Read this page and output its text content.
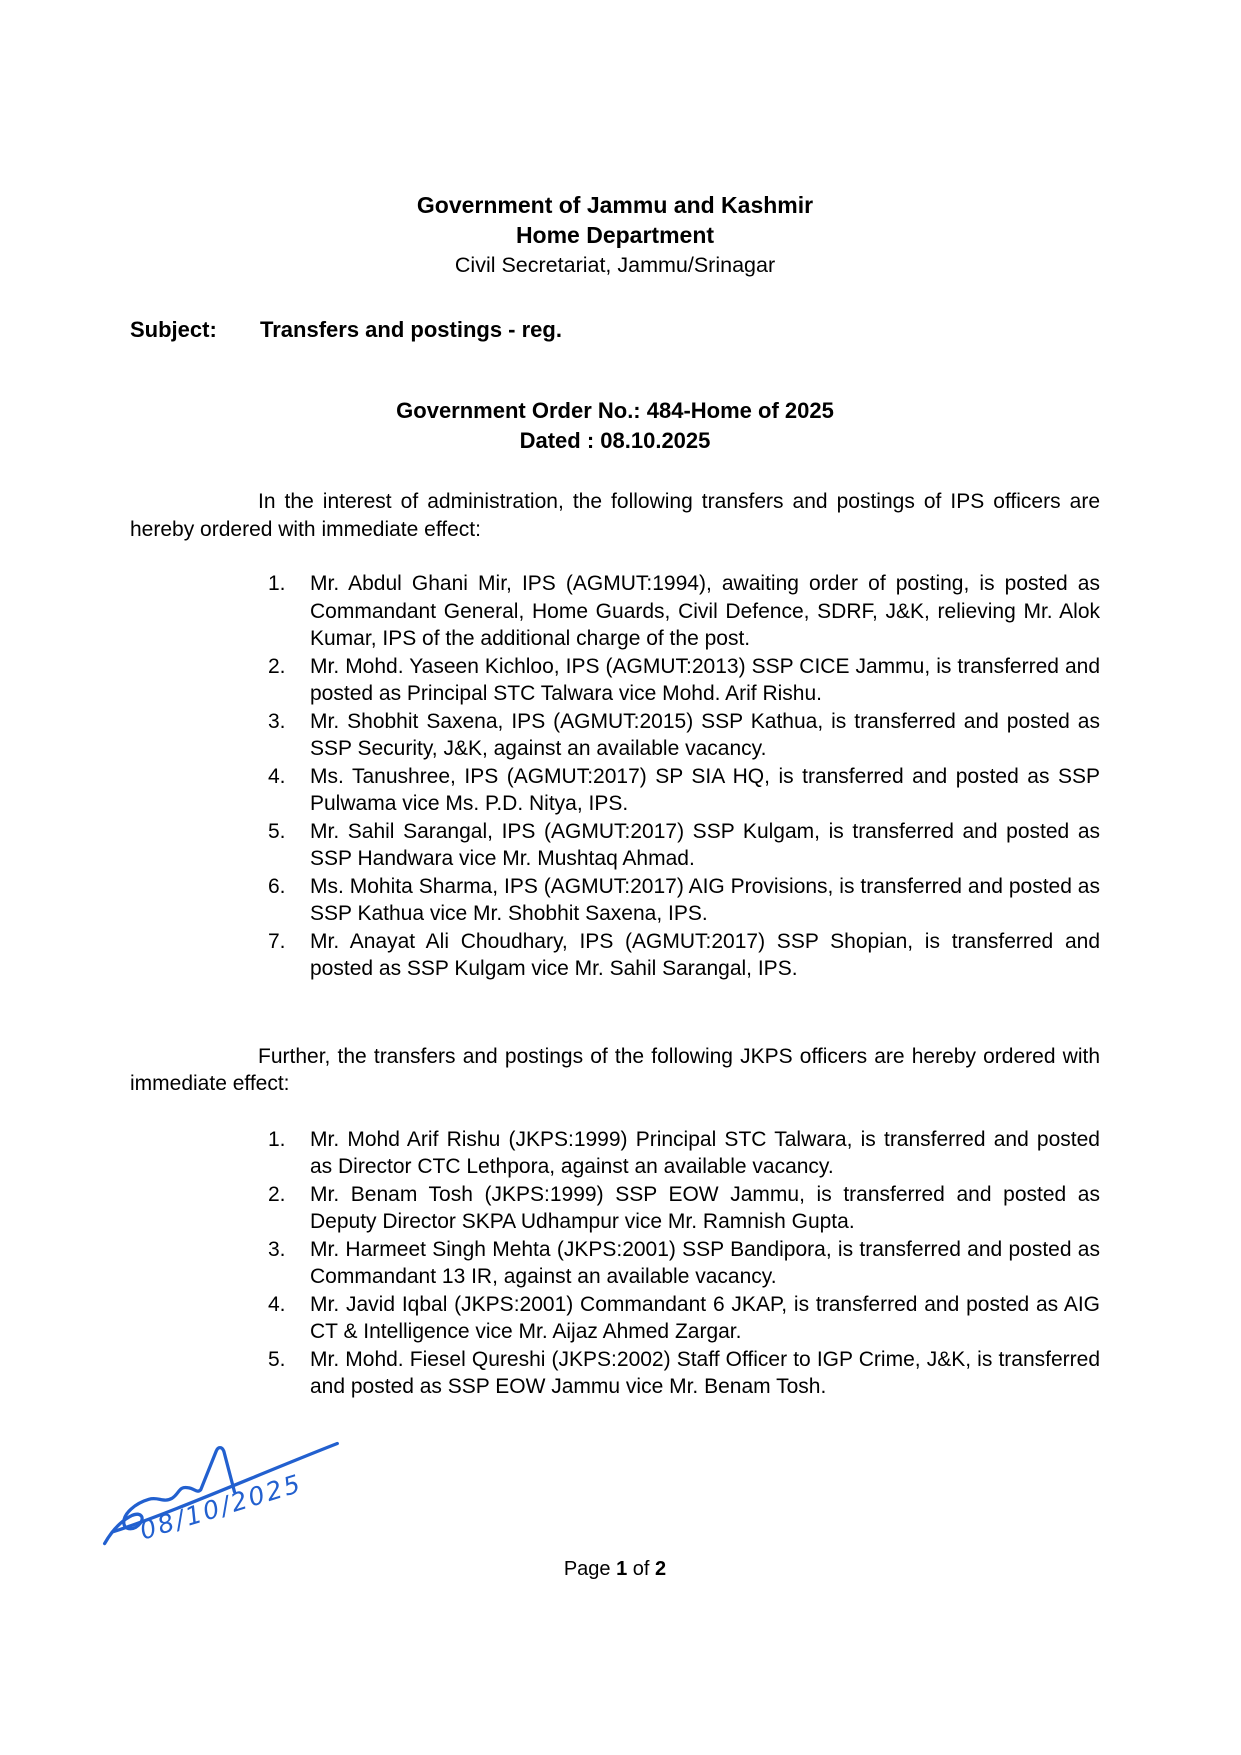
Government of Jammu and Kashmir
Home Department
Civil Secretariat, Jammu/Srinagar
Subject:	Transfers and postings - reg.
Government Order No.: 484-Home of 2025
Dated : 08.10.2025

In the interest of administration, the following transfers and postings of IPS officers are hereby ordered with immediate effect:

1.	Mr. Abdul Ghani Mir, IPS (AGMUT:1994), awaiting order of posting, is posted as Commandant General, Home Guards, Civil Defence, SDRF, J&K, relieving Mr. Alok Kumar, IPS of the additional charge of the post.
2.	Mr. Mohd. Yaseen Kichloo, IPS (AGMUT:2013) SSP CICE Jammu, is transferred and posted as Principal STC Talwara vice Mohd. Arif Rishu.
3.	Mr. Shobhit Saxena, IPS (AGMUT:2015) SSP Kathua, is transferred and posted as SSP Security, J&K, against an available vacancy.
4.	Ms. Tanushree, IPS (AGMUT:2017) SP SIA HQ, is transferred and posted as SSP Pulwama vice Ms. P.D. Nitya, IPS.
5.	Mr. Sahil Sarangal, IPS (AGMUT:2017) SSP Kulgam, is transferred and posted as SSP Handwara vice Mr. Mushtaq Ahmad.
6.	Ms. Mohita Sharma, IPS (AGMUT:2017) AIG Provisions, is transferred and posted as SSP Kathua vice Mr. Shobhit Saxena, IPS.
7.	Mr. Anayat Ali Choudhary, IPS (AGMUT:2017) SSP Shopian, is transferred and posted as SSP Kulgam vice Mr. Sahil Sarangal, IPS.

Further, the transfers and postings of the following JKPS officers are hereby ordered with immediate effect:

1.	Mr. Mohd Arif Rishu (JKPS:1999) Principal STC Talwara, is transferred and posted as Director CTC Lethpora, against an available vacancy.
2.	Mr. Benam Tosh (JKPS:1999) SSP EOW Jammu, is transferred and posted as Deputy Director SKPA Udhampur vice Mr. Ramnish Gupta.
3.	Mr. Harmeet Singh Mehta (JKPS:2001) SSP Bandipora, is transferred and posted as Commandant 13 IR, against an available vacancy.
4.	Mr. Javid Iqbal (JKPS:2001) Commandant 6 JKAP, is transferred and posted as AIG CT & Intelligence vice Mr. Aijaz Ahmed Zargar.
5.	Mr. Mohd. Fiesel Qureshi (JKPS:2002) Staff Officer to IGP Crime, J&K, is transferred and posted as SSP EOW Jammu vice Mr. Benam Tosh.
08/10/2025
Page 1 of 2
